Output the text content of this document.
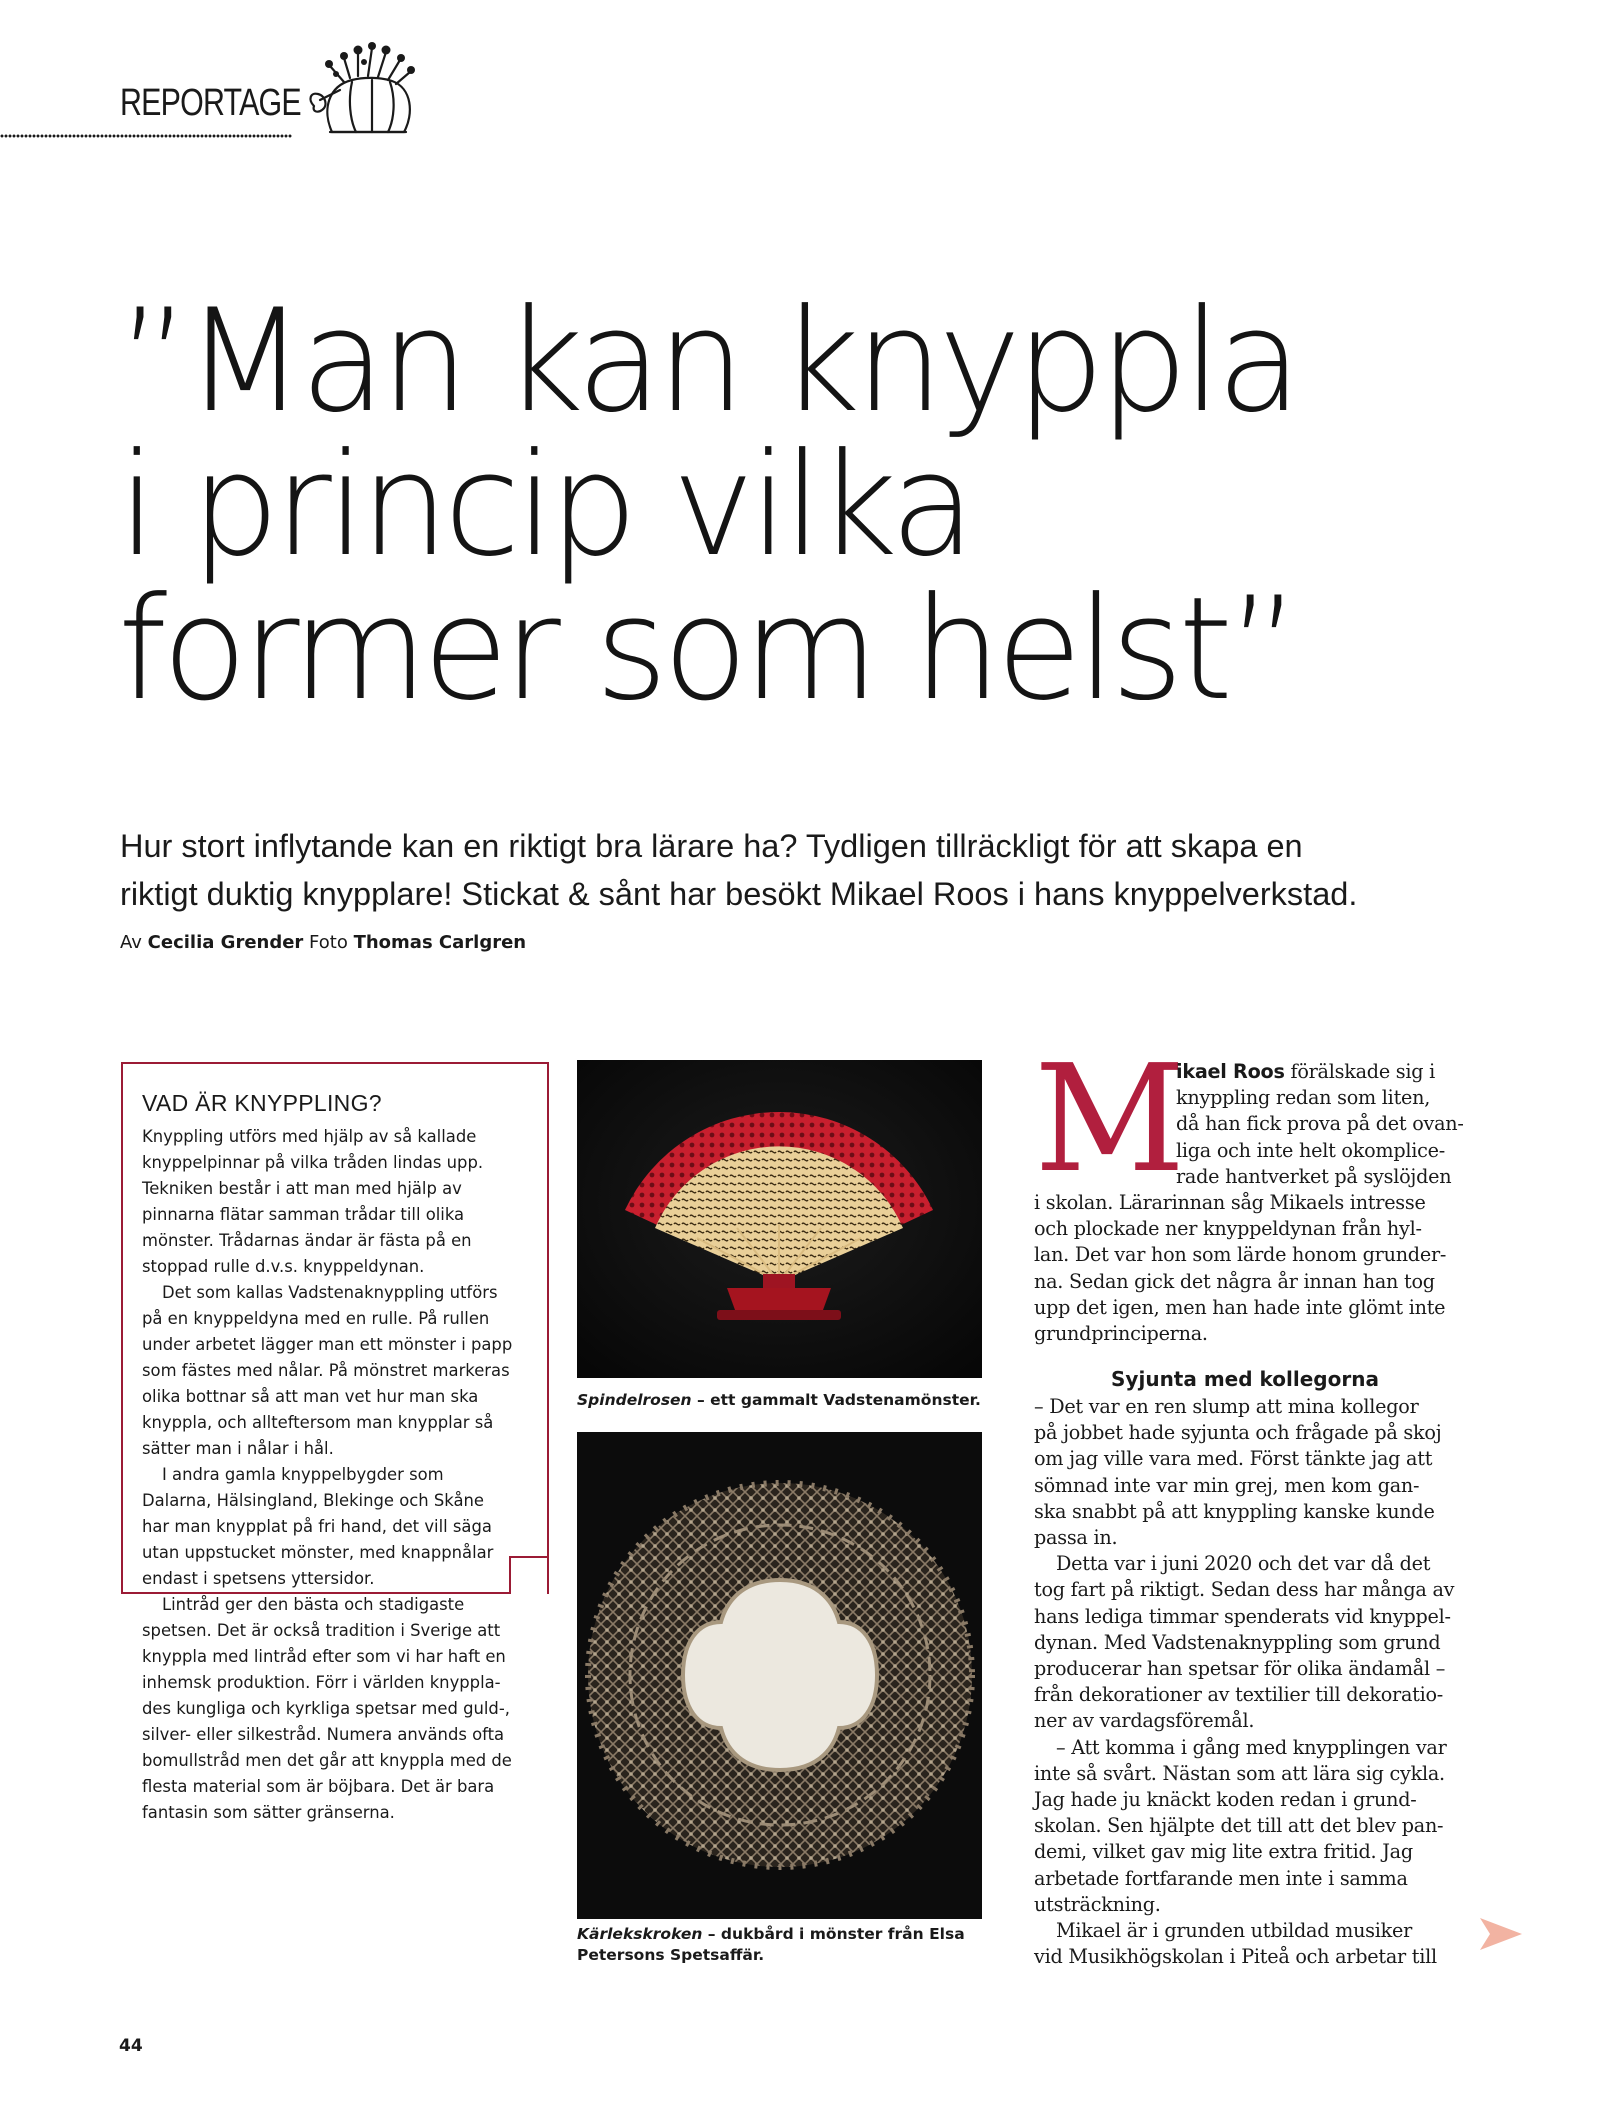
REPORTAGE
”Man kan knyppla
i princip vilka
former som helst”
Hur stort inflytande kan en riktigt bra lärare ha? Tydligen tillräckligt för att skapa en
riktigt duktig knypplare! Stickat & sånt har besökt Mikael Roos i hans knyppelverkstad.
Av Cecilia Grender Foto Thomas Carlgren
VAD ÄR KNYPPLING?

Knyppling utförs med hjälp av så kallade
knyppelpinnar på vilka tråden lindas upp.
Tekniken består i att man med hjälp av
pinnarna flätar samman trådar till olika
mönster. Trådarnas ändar är fästa på en
stoppad rulle d.v.s. knyppeldynan.

Det som kallas Vadstenaknyppling utförs
på en knyppeldyna med en rulle. På rullen
under arbetet lägger man ett mönster i papp
som fästes med nålar. På mönstret markeras
olika bottnar så att man vet hur man ska
knyppla, och allteftersom man knypplar så
sätter man i nålar i hål.

I andra gamla knyppelbygder som
Dalarna, Hälsingland, Blekinge och Skåne
har man knypplat på fri hand, det vill säga
utan uppstucket mönster, med knappnålar
endast i spetsens yttersidor.

Lintråd ger den bästa och stadigaste
spetsen. Det är också tradition i Sverige att
knyppla med lintråd efter som vi har haft en
inhemsk produktion. Förr i världen knyppla-
des kungliga och kyrkliga spetsar med guld-,
silver- eller silkestråd. Numera används ofta
bomullstråd men det går att knyppla med de
flesta material som är böjbara. Det är bara
fantasin som sätter gränserna.

Spindelrosen – ett gammalt Vadstenamönster.
Kärlekskroken – dukbård i mönster från Elsa
Petersons Spetsaffär.
M
ikael Roos förälskade sig i
knyppling redan som liten,
då han fick prova på det ovan-
liga och inte helt okomplice-
rade hantverket på syslöjden
i skolan. Lärarinnan såg Mikaels intresse
och plockade ner knyppeldynan från hyl-
lan. Det var hon som lärde honom grunder-
na. Sedan gick det några år innan han tog
upp det igen, men han hade inte glömt inte
grundprinciperna.
Syjunta med kollegorna
– Det var en ren slump att mina kollegor
på jobbet hade syjunta och frågade på skoj
om jag ville vara med. Först tänkte jag att
sömnad inte var min grej, men kom gan-
ska snabbt på att knyppling kanske kunde
passa in.
Detta var i juni 2020 och det var då det
tog fart på riktigt. Sedan dess har många av
hans lediga timmar spenderats vid knyppel-
dynan. Med Vadstenaknyppling som grund
producerar han spetsar för olika ändamål –
från dekorationer av textilier till dekoratio-
ner av vardagsföremål.
– Att komma i gång med knypplingen var
inte så svårt. Nästan som att lära sig cykla.
Jag hade ju knäckt koden redan i grund-
skolan. Sen hjälpte det till att det blev pan-
demi, vilket gav mig lite extra fritid. Jag
arbetade fortfarande men inte i samma
utsträckning.
Mikael är i grunden utbildad musiker
vid Musikhögskolan i Piteå och arbetar till
44
